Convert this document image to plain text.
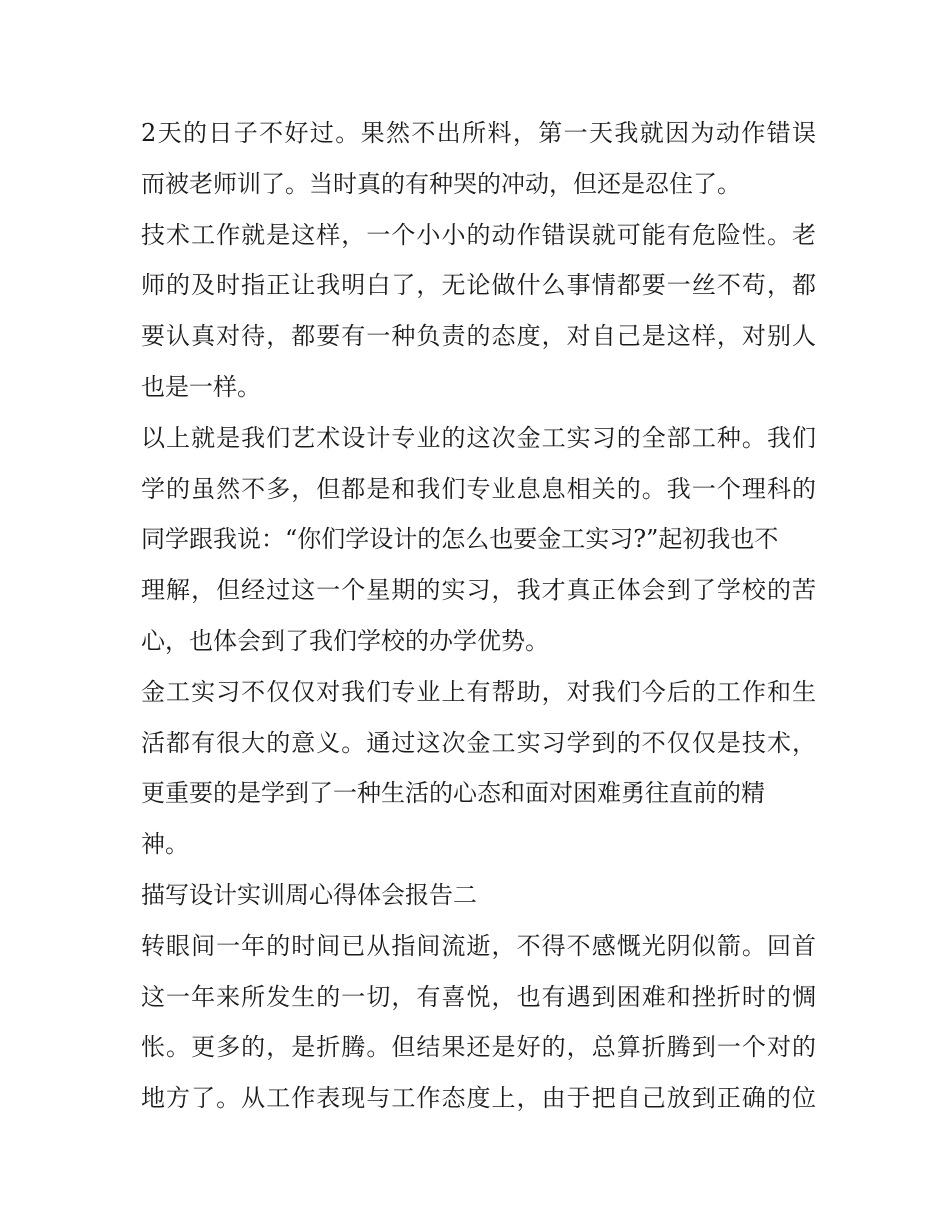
2天的日子不好过。果然不出所料，第一天我就因为动作错误
而被老师训了。当时真的有种哭的冲动，但还是忍住了。
技术工作就是这样，一个小小的动作错误就可能有危险性。老
师的及时指正让我明白了，无论做什么事情都要一丝不苟，都
要认真对待，都要有一种负责的态度，对自己是这样，对别人
也是一样。
以上就是我们艺术设计专业的这次金工实习的全部工种。我们
学的虽然不多，但都是和我们专业息息相关的。我一个理科的
同学跟我说：“你们学设计的怎么也要金工实习?”起初我也不
理解，但经过这一个星期的实习，我才真正体会到了学校的苦
心，也体会到了我们学校的办学优势。
金工实习不仅仅对我们专业上有帮助，对我们今后的工作和生
活都有很大的意义。通过这次金工实习学到的不仅仅是技术，
更重要的是学到了一种生活的心态和面对困难勇往直前的精
神。
描写设计实训周心得体会报告二
转眼间一年的时间已从指间流逝，不得不感慨光阴似箭。回首
这一年来所发生的一切，有喜悦，也有遇到困难和挫折时的惆
怅。更多的，是折腾。但结果还是好的，总算折腾到一个对的
地方了。从工作表现与工作态度上，由于把自己放到正确的位
